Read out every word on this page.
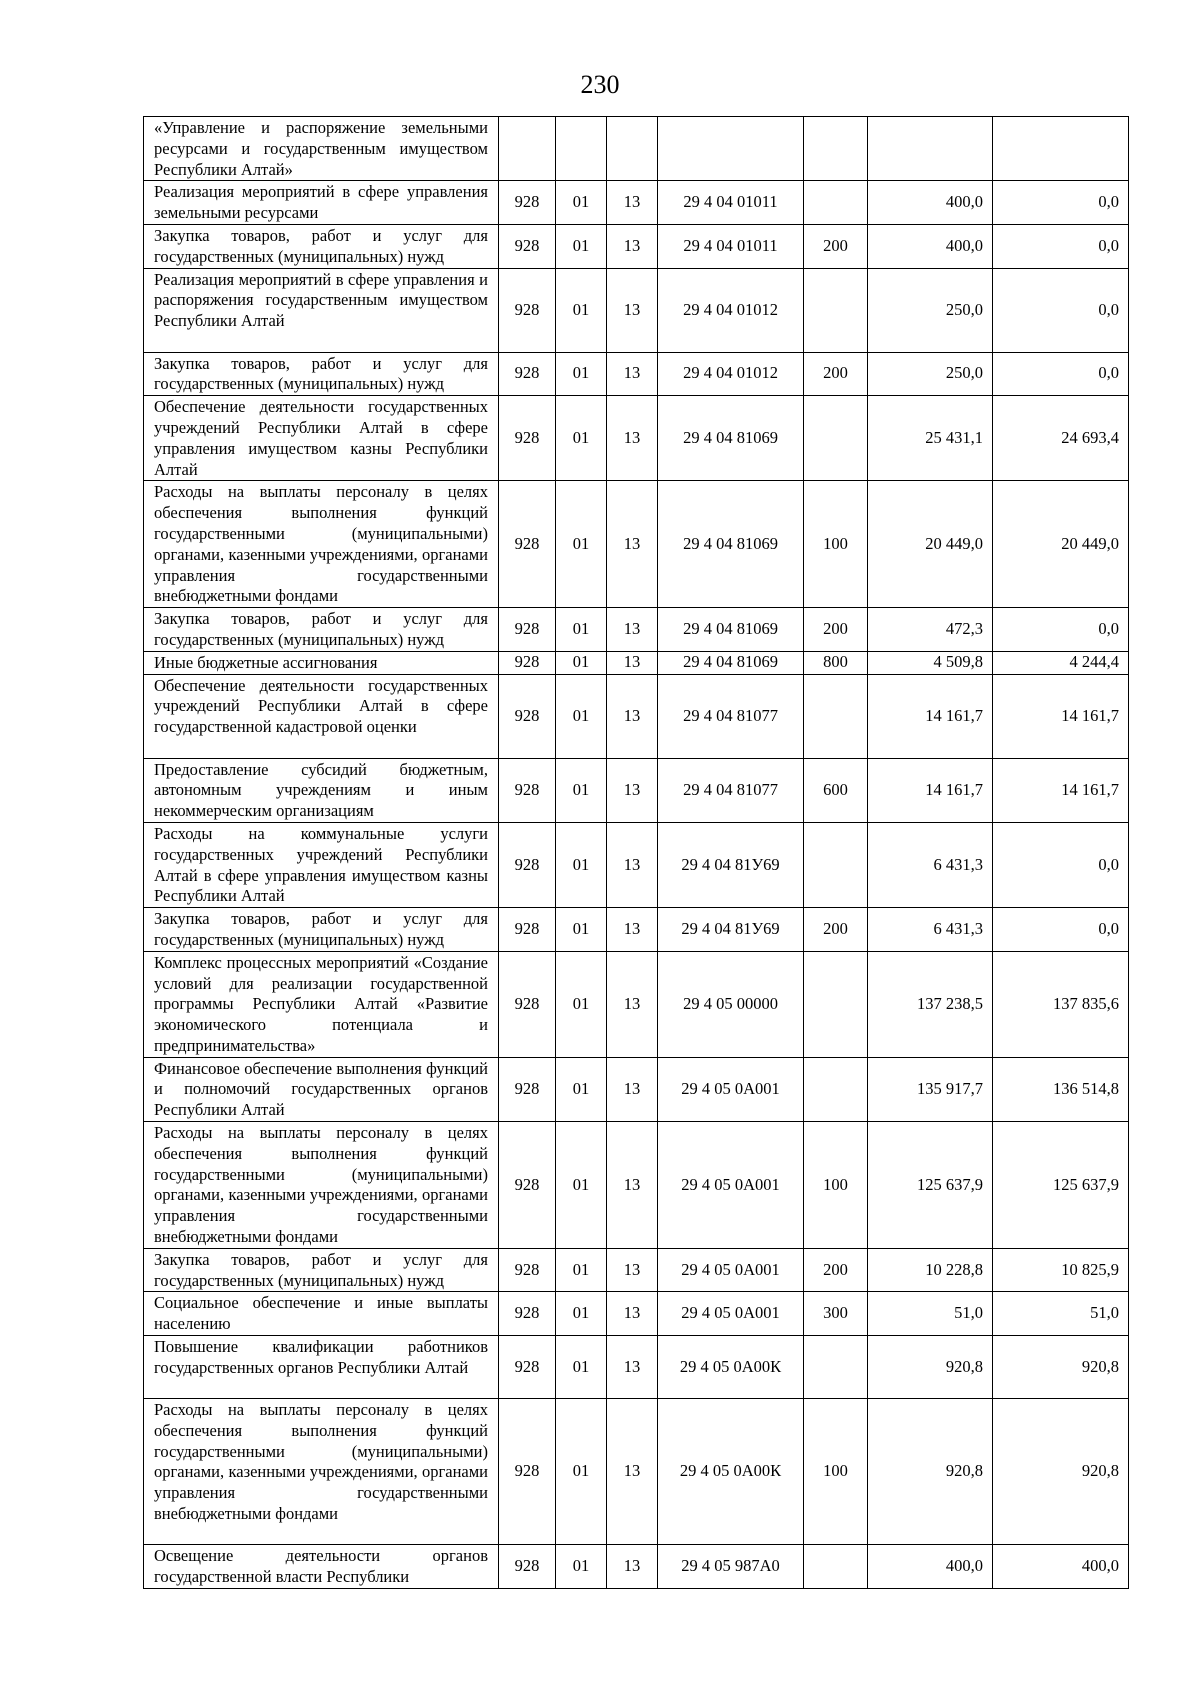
230
«Управление и распоряжение земельными ресурсами и государственным имуществом Республики Алтай»							
Реализация мероприятий в сфере управления земельными ресурсами	928	01	13	29 4 04 01011		400,0	0,0
Закупка товаров, работ и услуг для государственных (муниципальных) нужд	928	01	13	29 4 04 01011	200	400,0	0,0
Реализация мероприятий в сфере управления и распоряжения государственным имуществом Республики Алтай	928	01	13	29 4 04 01012		250,0	0,0
Закупка товаров, работ и услуг для государственных (муниципальных) нужд	928	01	13	29 4 04 01012	200	250,0	0,0
Обеспечение деятельности государственных учреждений Республики Алтай в сфере управления имуществом казны Республики Алтай	928	01	13	29 4 04 81069		25 431,1	24 693,4
Расходы на выплаты персоналу в целях обеспечения выполнения функций государственными (муниципальными) органами, казенными учреждениями, органами управления государственными внебюджетными фондами	928	01	13	29 4 04 81069	100	20 449,0	20 449,0
Закупка товаров, работ и услуг для государственных (муниципальных) нужд	928	01	13	29 4 04 81069	200	472,3	0,0
Иные бюджетные ассигнования	928	01	13	29 4 04 81069	800	4 509,8	4 244,4
Обеспечение деятельности государственных учреждений Республики Алтай в сфере государственной кадастровой оценки	928	01	13	29 4 04 81077		14 161,7	14 161,7
Предоставление субсидий бюджетным, автономным учреждениям и иным некоммерческим организациям	928	01	13	29 4 04 81077	600	14 161,7	14 161,7
Расходы на коммунальные услуги государственных учреждений Республики Алтай в сфере управления имуществом казны Республики Алтай	928	01	13	29 4 04 81У69		6 431,3	0,0
Закупка товаров, работ и услуг для государственных (муниципальных) нужд	928	01	13	29 4 04 81У69	200	6 431,3	0,0
Комплекс процессных мероприятий «Создание условий для реализации государственной программы Республики Алтай «Развитие экономического потенциала и предпринимательства»	928	01	13	29 4 05 00000		137 238,5	137 835,6
Финансовое обеспечение выполнения функций и полномочий государственных органов Республики Алтай	928	01	13	29 4 05 0А001		135 917,7	136 514,8
Расходы на выплаты персоналу в целях обеспечения выполнения функций государственными (муниципальными) органами, казенными учреждениями, органами управления государственными внебюджетными фондами	928	01	13	29 4 05 0А001	100	125 637,9	125 637,9
Закупка товаров, работ и услуг для государственных (муниципальных) нужд	928	01	13	29 4 05 0А001	200	10 228,8	10 825,9
Социальное обеспечение и иные выплаты населению	928	01	13	29 4 05 0А001	300	51,0	51,0
Повышение квалификации работников государственных органов Республики Алтай	928	01	13	29 4 05 0А00К		920,8	920,8
Расходы на выплаты персоналу в целях обеспечения выполнения функций государственными (муниципальными) органами, казенными учреждениями, органами управления государственными внебюджетными фондами	928	01	13	29 4 05 0А00К	100	920,8	920,8
Освещение деятельности органов государственной власти Республики	928	01	13	29 4 05 987А0		400,0	400,0
